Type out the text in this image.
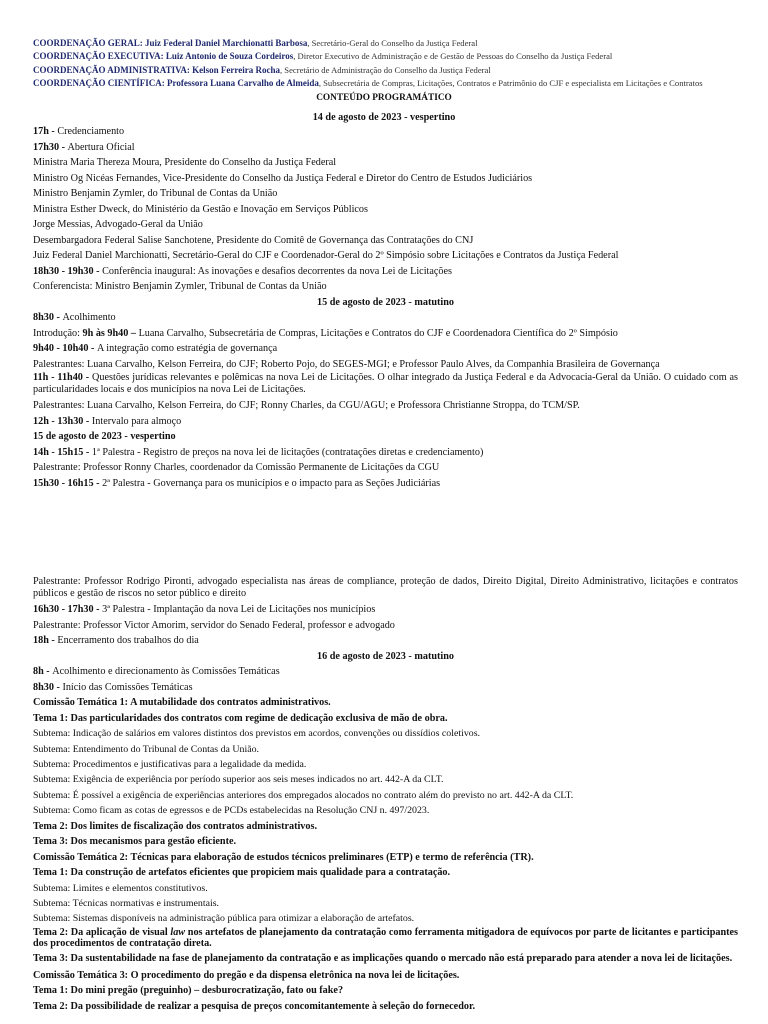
COORDENAÇÃO GERAL: Juiz Federal Daniel Marchionatti Barbosa, Secretário-Geral do Conselho da Justiça Federal

COORDENAÇÃO EXECUTIVA: Luiz Antonio de Souza Cordeiros, Diretor Executivo de Administração e de Gestão de Pessoas do Conselho da Justiça Federal

COORDENAÇÃO ADMINISTRATIVA: Kelson Ferreira Rocha, Secretário de Administração do Conselho da Justiça Federal

COORDENAÇÃO CIENTÍFICA: Professora Luana Carvalho de Almeida, Subsecretária de Compras, Licitações, Contratos e Patrimônio do CJF e especialista em Licitações e Contratos

CONTEÚDO PROGRAMÁTICO

14 de agosto de 2023 - vespertino

17h - Credenciamento

17h30 - Abertura Oficial

Ministra Maria Thereza Moura, Presidente do Conselho da Justiça Federal

Ministro Og Nicéas Fernandes, Vice-Presidente do Conselho da Justiça Federal e Diretor do Centro de Estudos Judiciários

Ministro Benjamin Zymler, do Tribunal de Contas da União

Ministra Esther Dweck, do Ministério da Gestão e Inovação em Serviços Públicos

Jorge Messias, Advogado-Geral da União

Desembargadora Federal Salise Sanchotene, Presidente do Comitê de Governança das Contratações do CNJ

Juiz Federal Daniel Marchionatti, Secretário-Geral do CJF e Coordenador-Geral do 2º Simpósio sobre Licitações e Contratos da Justiça Federal

18h30 - 19h30 - Conferência inaugural: As inovações e desafios decorrentes da nova Lei de Licitações

Conferencista: Ministro Benjamin Zymler, Tribunal de Contas da União

15 de agosto de 2023 - matutino

8h30 - Acolhimento

Introdução: 9h às 9h40 – Luana Carvalho, Subsecretária de Compras, Licitações e Contratos do CJF e Coordenadora Científica do 2º Simpósio

9h40 - 10h40 - A integração como estratégia de governança

Palestrantes: Luana Carvalho, Kelson Ferreira, do CJF; Roberto Pojo, do SEGES-MGI; e Professor Paulo Alves, da Companhia Brasileira de Governança

11h - 11h40 - Questões jurídicas relevantes e polêmicas na nova Lei de Licitações. O olhar integrado da Justiça Federal e da Advocacia-Geral da União. O cuidado com as particularidades locais e dos municípios na nova Lei de Licitações.

Palestrantes: Luana Carvalho, Kelson Ferreira, do CJF; Ronny Charles, da CGU/AGU; e Professora Christianne Stroppa, do TCM/SP.

12h - 13h30 - Intervalo para almoço

15 de agosto de 2023 - vespertino

14h - 15h15 - 1ª Palestra - Registro de preços na nova lei de licitações (contratações diretas e credenciamento)

Palestrante: Professor Ronny Charles, coordenador da Comissão Permanente de Licitações da CGU

15h30 - 16h15 - 2ª Palestra - Governança para os municípios e o impacto para as Seções Judiciárias

Palestrante: Professor Rodrigo Pironti, advogado especialista nas áreas de compliance, proteção de dados, Direito Digital, Direito Administrativo, licitações e contratos públicos e gestão de riscos no setor público e direito

16h30 - 17h30 - 3ª Palestra - Implantação da nova Lei de Licitações nos municípios

Palestrante: Professor Victor Amorim, servidor do Senado Federal, professor e advogado

18h - Encerramento dos trabalhos do dia

16 de agosto de 2023 - matutino

8h - Acolhimento e direcionamento às Comissões Temáticas

8h30 - Início das Comissões Temáticas

Comissão Temática 1: A mutabilidade dos contratos administrativos.

Tema 1: Das particularidades dos contratos com regime de dedicação exclusiva de mão de obra.

Subtema: Indicação de salários em valores distintos dos previstos em acordos, convenções ou dissídios coletivos.

Subtema: Entendimento do Tribunal de Contas da União.

Subtema: Procedimentos e justificativas para a legalidade da medida.

Subtema: Exigência de experiência por período superior aos seis meses indicados no art. 442-A da CLT.

Subtema: É possível a exigência de experiências anteriores dos empregados alocados no contrato além do previsto no art. 442-A da CLT.

Subtema: Como ficam as cotas de egressos e de PCDs estabelecidas na Resolução CNJ n. 497/2023.

Tema 2: Dos limites de fiscalização dos contratos administrativos.

Tema 3: Dos mecanismos para gestão eficiente.

Comissão Temática 2: Técnicas para elaboração de estudos técnicos preliminares (ETP) e termo de referência (TR).

Tema 1: Da construção de artefatos eficientes que propiciem mais qualidade para a contratação.

Subtema: Limites e elementos constitutivos.

Subtema: Técnicas normativas e instrumentais.

Subtema: Sistemas disponíveis na administração pública para otimizar a elaboração de artefatos.

Tema 2: Da aplicação de visual law nos artefatos de planejamento da contratação como ferramenta mitigadora de equívocos por parte de licitantes e participantes dos procedimentos de contratação direta.

Tema 3: Da sustentabilidade na fase de planejamento da contratação e as implicações quando o mercado não está preparado para atender a nova lei de licitações.

Comissão Temática 3: O procedimento do pregão e da dispensa eletrônica na nova lei de licitações.

Tema 1: Do mini pregão (preguinho) – desburocratização, fato ou fake?

Tema 2: Da possibilidade de realizar a pesquisa de preços concomitantemente à seleção do fornecedor.
